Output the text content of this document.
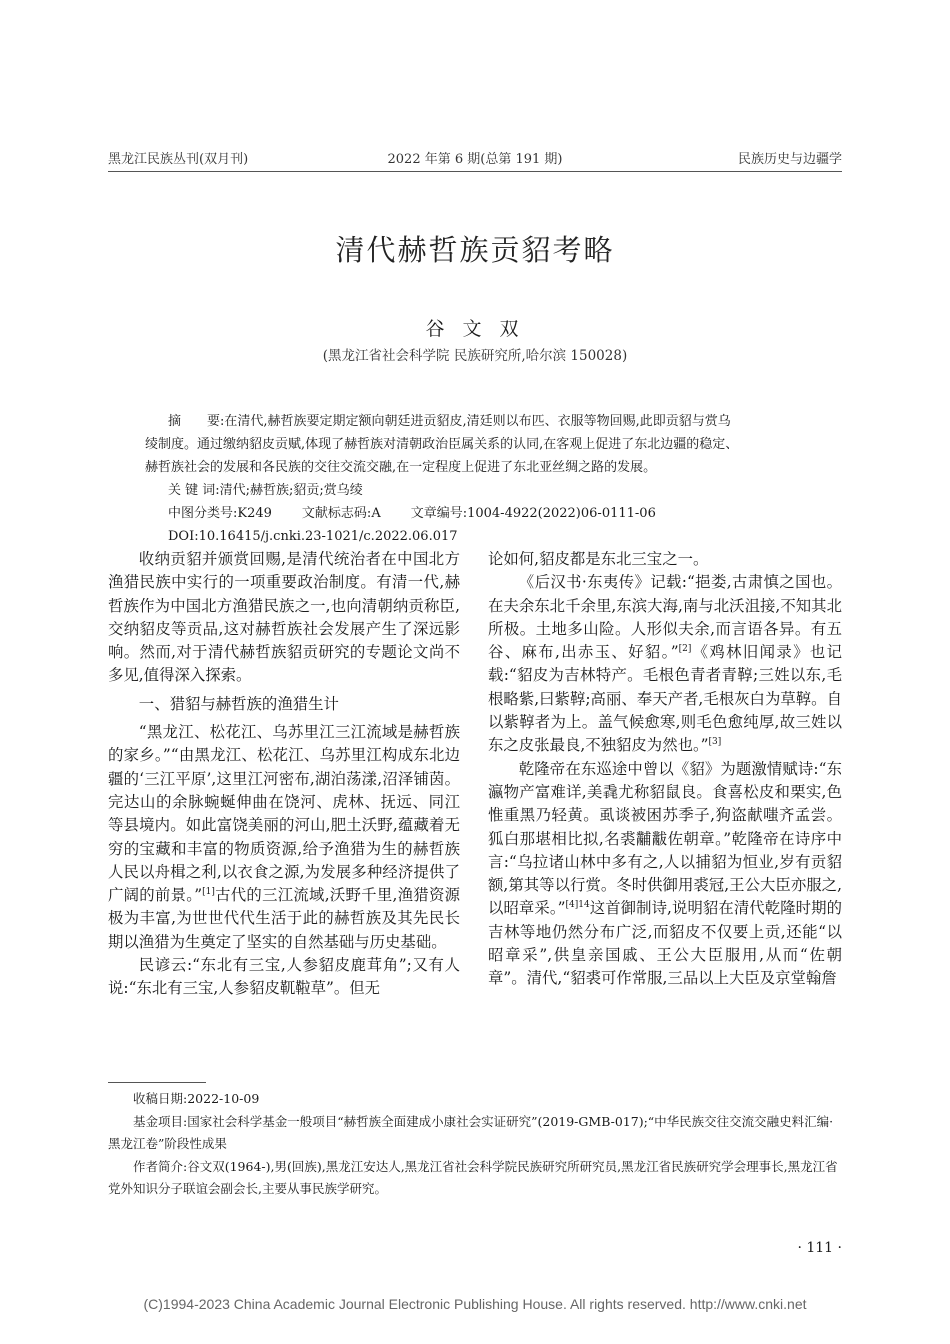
黑龙江民族丛刊(双月刊)	2022 年第 6 期(总第 191 期)	民族历史与边疆学
清代赫哲族贡貂考略
谷 文 双
(黑龙江省社会科学院 民族研究所,哈尔滨 150028)

摘　　要:在清代,赫哲族要定期定额向朝廷进贡貂皮,清廷则以布匹、衣服等物回赐,此即贡貂与赏乌

绫制度。通过缴纳貂皮贡赋,体现了赫哲族对清朝政治臣属关系的认同,在客观上促进了东北边疆的稳定、

赫哲族社会的发展和各民族的交往交流交融,在一定程度上促进了东北亚丝绸之路的发展。

关 键 词:清代;赫哲族;貂贡;赏乌绫

中图分类号:K249 文献标志码:A 文章编号:1004-4922(2022)06-0111-06

DOI:10.16415/j.cnki.23-1021/c.2022.06.017

收纳贡貂并颁赏回赐,是清代统治者在中国北方渔猎民族中实行的一项重要政治制度。有清一代,赫哲族作为中国北方渔猎民族之一,也向清朝纳贡称臣,交纳貂皮等贡品,这对赫哲族社会发展产生了深远影响。然而,对于清代赫哲族貂贡研究的专题论文尚不多见,值得深入探索。

一、猎貂与赫哲族的渔猎生计

“黑龙江、松花江、乌苏里江三江流域是赫哲族的家乡。”“由黑龙江、松花江、乌苏里江构成东北边疆的‘三江平原’,这里江河密布,湖泊荡漾,沼泽铺茵。完达山的余脉蜿蜒伸曲在饶河、虎林、抚远、同江等县境内。如此富饶美丽的河山,肥土沃野,蕴藏着无穷的宝藏和丰富的物质资源,给予渔猎为生的赫哲族人民以舟楫之利,以衣食之源,为发展多种经济提供了广阔的前景。”[1]古代的三江流域,沃野千里,渔猎资源极为丰富,为世世代代生活于此的赫哲族及其先民长期以渔猎为生奠定了坚实的自然基础与历史基础。

民谚云:“东北有三宝,人参貂皮鹿茸角”;又有人说:“东北有三宝,人参貂皮靰鞡草”。但无

论如何,貂皮都是东北三宝之一。

《后汉书·东夷传》记载:“挹娄,古肃慎之国也。在夫余东北千余里,东滨大海,南与北沃沮接,不知其北所极。土地多山险。人形似夫余,而言语各异。有五谷、麻布,出赤玉、好貂。”[2]《鸡林旧闻录》也记载:“貂皮为吉林特产。毛根色青者青鞟;三姓以东,毛根略紫,曰紫鞟;高丽、奉天产者,毛根灰白为草鞟。自以紫鞟者为上。盖气候愈寒,则毛色愈纯厚,故三姓以东之皮张最良,不独貂皮为然也。”[3]

乾隆帝在东巡途中曾以《貂》为题激情赋诗:“东瀛物产富难详,美毳尤称貂鼠良。食喜松皮和栗实,色惟重黑乃轻黄。虱谈被困苏季子,狗盗献嗤齐孟尝。狐白那堪相比拟,名裘黼黻佐朝章。”乾隆帝在诗序中言:“乌拉诸山林中多有之,人以捕貂为恒业,岁有贡貂额,第其等以行赏。冬时供御用裘冠,王公大臣亦服之,以昭章采。”$^{[4]14}$这首御制诗,说明貂在清代乾隆时期的吉林等地仍然分布广泛,而貂皮不仅要上贡,还能“以昭章采”,供皇亲国戚、王公大臣服用,从而“佐朝章”。清代,“貂裘可作常服,三品以上大臣及京堂翰詹

收稿日期:2022-10-09

基金项目:国家社会科学基金一般项目“赫哲族全面建成小康社会实证研究”(2019-GMB-017);“中华民族交往交流交融史料汇编·黑龙江卷”阶段性成果

作者简介:谷文双(1964-),男(回族),黑龙江安达人,黑龙江省社会科学院民族研究所研究员,黑龙江省民族研究学会理事长,黑龙江省党外知识分子联谊会副会长,主要从事民族学研究。

· 111 ·
(C)1994-2023 China Academic Journal Electronic Publishing House. All rights reserved. http://www.cnki.net
